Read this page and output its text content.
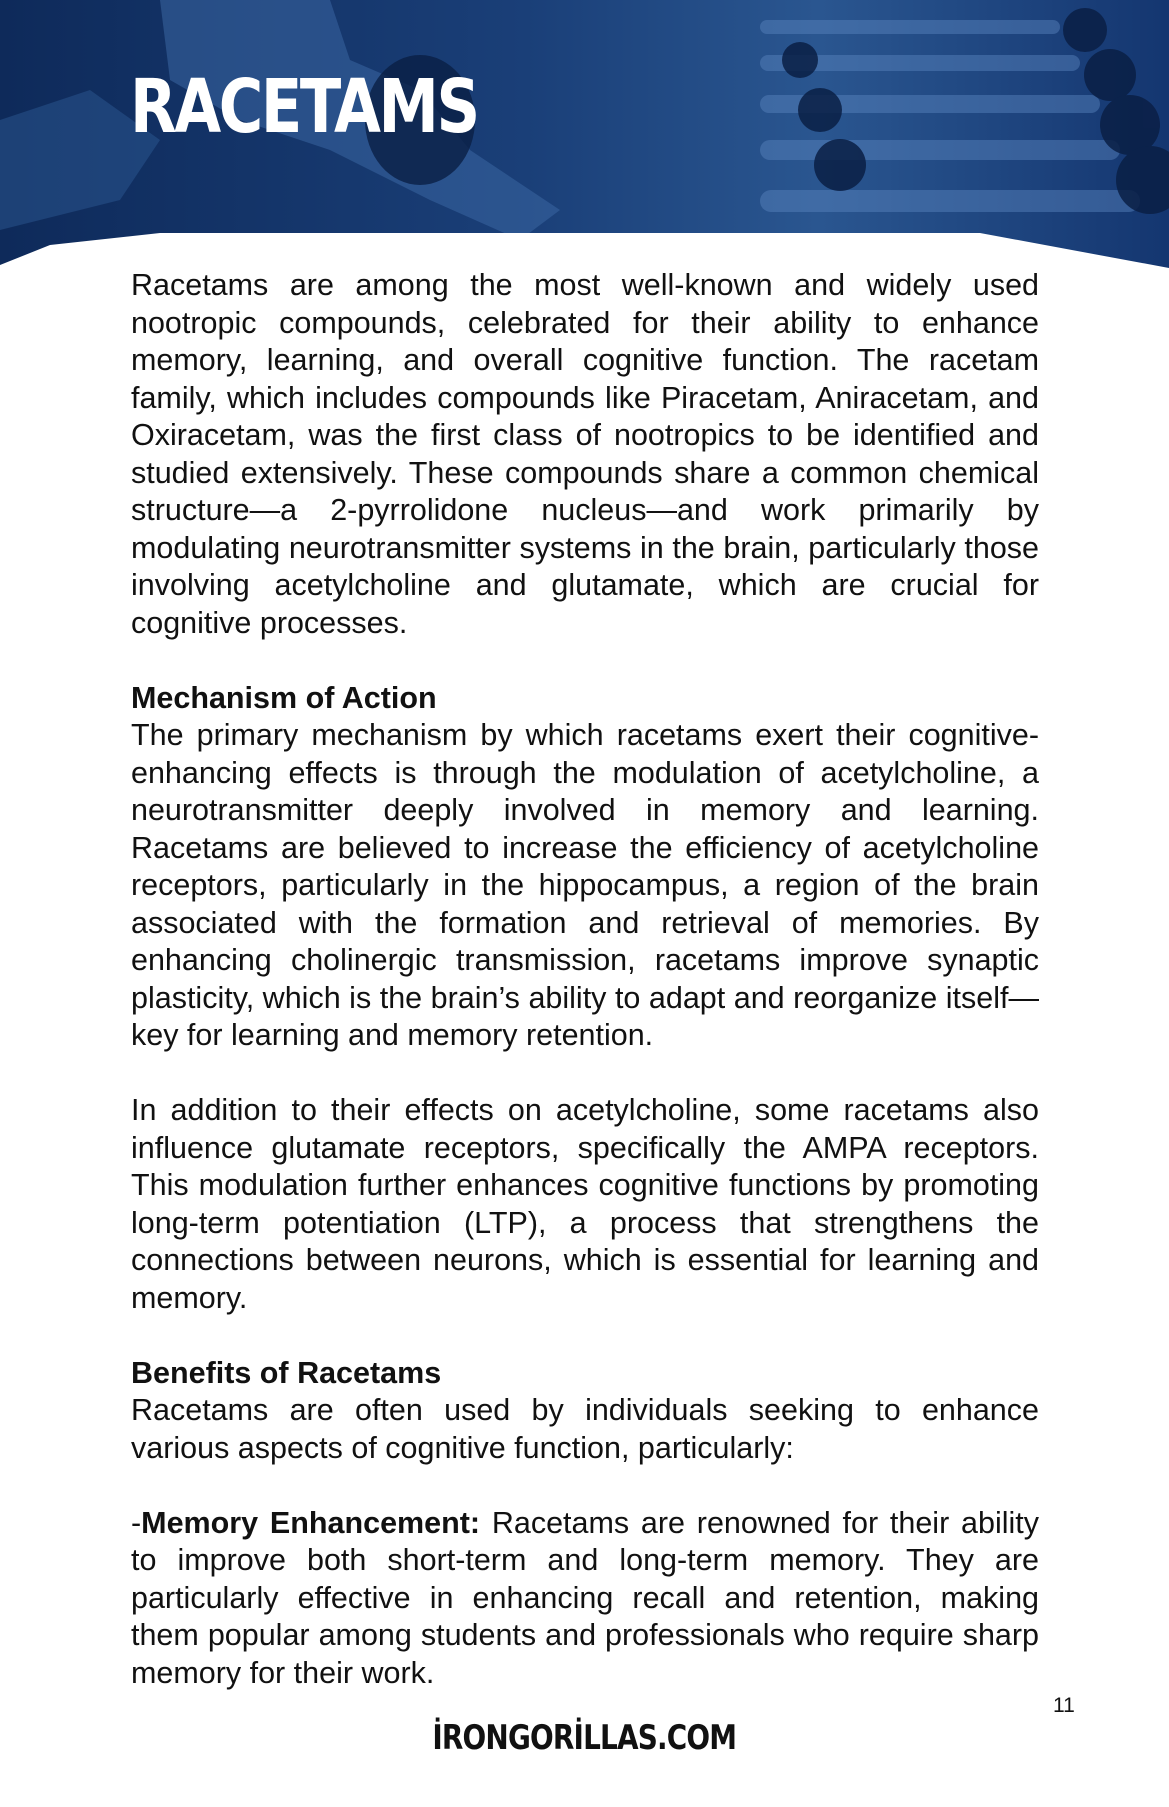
RACETAMS

Racetams are among the most well-known and widely used nootropic compounds, celebrated for their ability to enhance memory, learning, and overall cognitive function. The racetam family, which includes compounds like Piracetam, Aniracetam, and Oxiracetam, was the first class of nootropics to be identified and studied extensively. These compounds share a common chemical structure—a 2-pyrrolidone nucleus—and work primarily by modulating neurotransmitter systems in the brain, particularly those involving acetylcholine and glutamate, which are crucial for cognitive processes.

Mechanism of Action

The primary mechanism by which racetams exert their cognitive-enhancing effects is through the modulation of acetylcholine, a neurotransmitter deeply involved in memory and learning. Racetams are believed to increase the efficiency of acetylcholine receptors, particularly in the hippocampus, a region of the brain associated with the formation and retrieval of memories. By enhancing cholinergic transmission, racetams improve synaptic plasticity, which is the brain’s ability to adapt and reorganize itself—key for learning and memory retention.

In addition to their effects on acetylcholine, some racetams also influence glutamate receptors, specifically the AMPA receptors. This modulation further enhances cognitive functions by promoting long-term potentiation (LTP), a process that strengthens the connections between neurons, which is essential for learning and memory.

Benefits of Racetams

Racetams are often used by individuals seeking to enhance various aspects of cognitive function, particularly:

-Memory Enhancement: Racetams are renowned for their ability to improve both short-term and long-term memory. They are particularly effective in enhancing recall and retention, making them popular among students and professionals who require sharp memory for their work.

11
İRONGORİLLAS.COM
